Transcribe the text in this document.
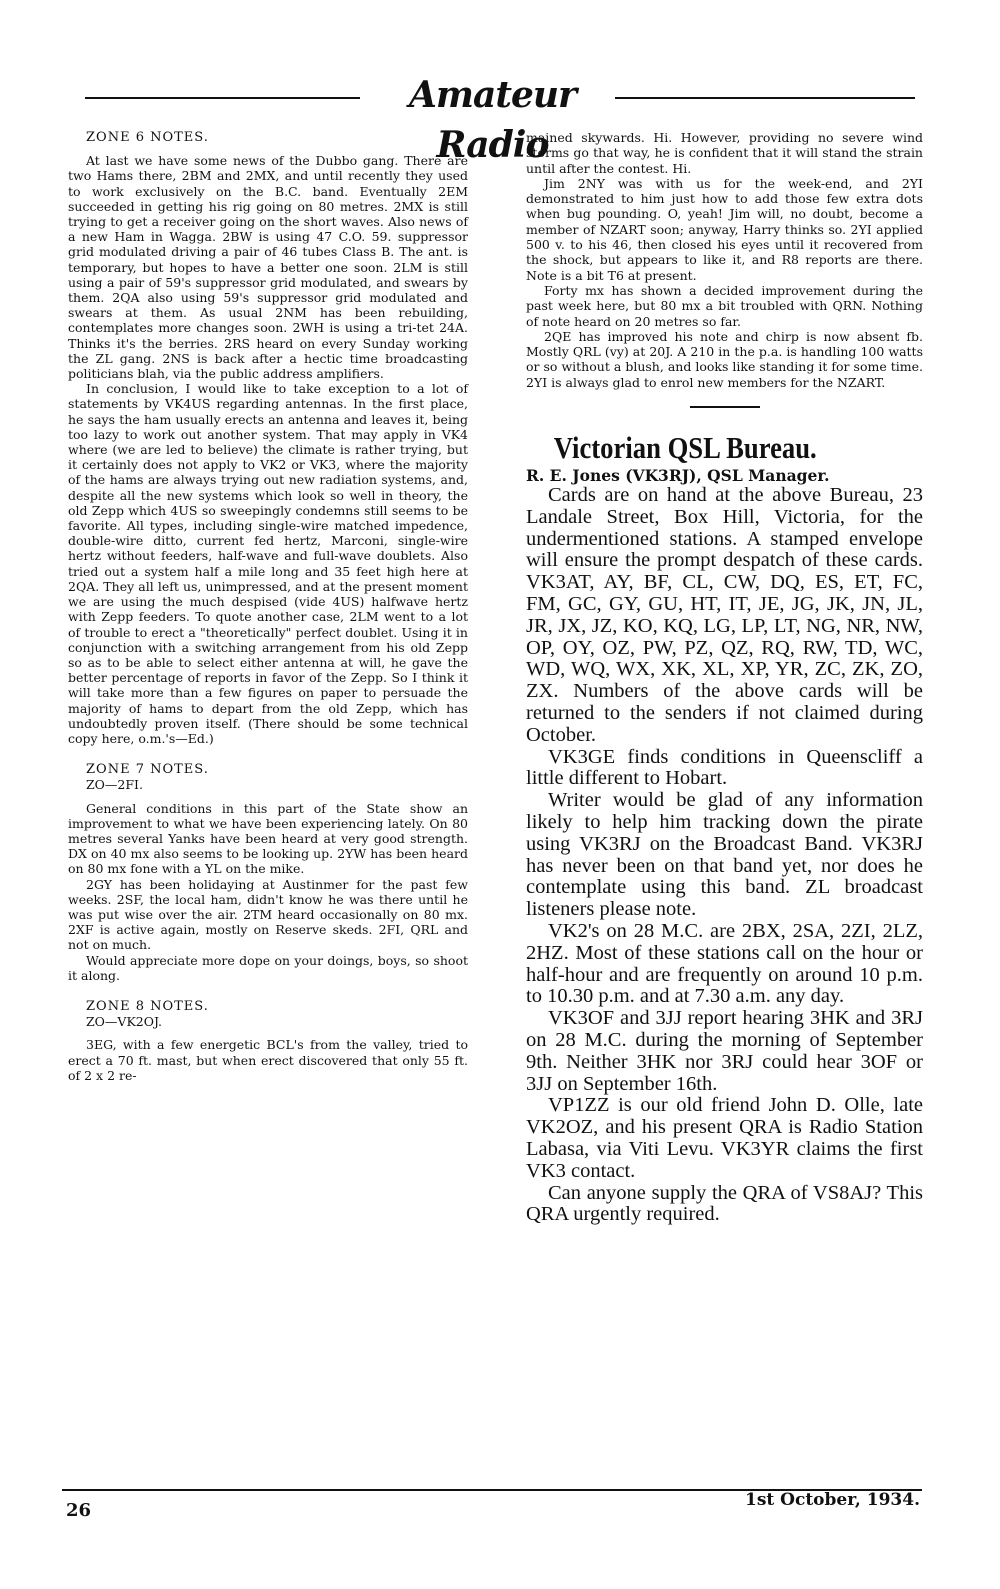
Amateur Radio

ZONE 6 NOTES.

At last we have some news of the Dubbo gang. There are two Hams there, 2BM and 2MX, and until recently they used to work exclusively on the B.C. band. Eventually 2EM succeeded in getting his rig going on 80 metres. 2MX is still trying to get a receiver going on the short waves. Also news of a new Ham in Wagga. 2BW is using 47 C.O. 59. suppressor grid modulated driving a pair of 46 tubes Class B. The ant. is temporary, but hopes to have a better one soon. 2LM is still using a pair of 59's suppressor grid modulated, and swears by them. 2QA also using 59's suppressor grid modulated and swears at them. As usual 2NM has been rebuilding, contemplates more changes soon. 2WH is using a tri-tet 24A. Thinks it's the berries. 2RS heard on every Sunday working the ZL gang. 2NS is back after a hectic time broadcasting politicians blah, via the public address amplifiers.

In conclusion, I would like to take exception to a lot of statements by VK4US regarding antennas. In the first place, he says the ham usually erects an antenna and leaves it, being too lazy to work out another system. That may apply in VK4 where (we are led to believe) the climate is rather trying, but it certainly does not apply to VK2 or VK3, where the majority of the hams are always trying out new radiation systems, and, despite all the new systems which look so well in theory, the old Zepp which 4US so sweepingly condemns still seems to be favorite. All types, including single-wire matched impedence, double-wire ditto, current fed hertz, Marconi, single-wire hertz without feeders, half-wave and full-wave doublets. Also tried out a system half a mile long and 35 feet high here at 2QA. They all left us, unimpressed, and at the present moment we are using the much despised (vide 4US) halfwave hertz with Zepp feeders. To quote another case, 2LM went to a lot of trouble to erect a "theoretically" perfect doublet. Using it in conjunction with a switching arrangement from his old Zepp so as to be able to select either antenna at will, he gave the better percentage of reports in favor of the Zepp. So I think it will take more than a few figures on paper to persuade the majority of hams to depart from the old Zepp, which has undoubtedly proven itself. (There should be some technical copy here, o.m.'s—Ed.)

ZONE 7 NOTES.

ZO—2FI.

General conditions in this part of the State show an improvement to what we have been experiencing lately. On 80 metres several Yanks have been heard at very good strength. DX on 40 mx also seems to be looking up. 2YW has been heard on 80 mx fone with a YL on the mike.

2GY has been holidaying at Austinmer for the past few weeks. 2SF, the local ham, didn't know he was there until he was put wise over the air. 2TM heard occasionally on 80 mx. 2XF is active again, mostly on Reserve skeds. 2FI, QRL and not on much.

Would appreciate more dope on your doings, boys, so shoot it along.

ZONE 8 NOTES.

ZO—VK2OJ.

3EG, with a few energetic BCL's from the valley, tried to erect a 70 ft. mast, but when erect discovered that only 55 ft. of 2 x 2 re-

mained skywards. Hi. However, providing no severe wind storms go that way, he is confident that it will stand the strain until after the contest. Hi.

Jim 2NY was with us for the week-end, and 2YI demonstrated to him just how to add those few extra dots when bug pounding. O, yeah! Jim will, no doubt, become a member of NZART soon; anyway, Harry thinks so. 2YI applied 500 v. to his 46, then closed his eyes until it recovered from the shock, but appears to like it, and R8 reports are there. Note is a bit T6 at present.

Forty mx has shown a decided improvement during the past week here, but 80 mx a bit troubled with QRN. Nothing of note heard on 20 metres so far.

2QE has improved his note and chirp is now absent fb. Mostly QRL (vy) at 20J. A 210 in the p.a. is handling 100 watts or so without a blush, and looks like standing it for some time. 2YI is always glad to enrol new members for the NZART.

Victorian QSL Bureau.

R. E. Jones (VK3RJ), QSL Manager.

Cards are on hand at the above Bureau, 23 Landale Street, Box Hill, Victoria, for the undermentioned stations. A stamped envelope will ensure the prompt despatch of these cards. VK3AT, AY, BF, CL, CW, DQ, ES, ET, FC, FM, GC, GY, GU, HT, IT, JE, JG, JK, JN, JL, JR, JX, JZ, KO, KQ, LG, LP, LT, NG, NR, NW, OP, OY, OZ, PW, PZ, QZ, RQ, RW, TD, WC, WD, WQ, WX, XK, XL, XP, YR, ZC, ZK, ZO, ZX. Numbers of the above cards will be returned to the senders if not claimed during October.

VK3GE finds conditions in Queenscliff a little different to Hobart.

Writer would be glad of any information likely to help him tracking down the pirate using VK3RJ on the Broadcast Band. VK3RJ has never been on that band yet, nor does he contemplate using this band. ZL broadcast listeners please note.

VK2's on 28 M.C. are 2BX, 2SA, 2ZI, 2LZ, 2HZ. Most of these stations call on the hour or half-hour and are frequently on around 10 p.m. to 10.30 p.m. and at 7.30 a.m. any day.

VK3OF and 3JJ report hearing 3HK and 3RJ on 28 M.C. during the morning of September 9th. Neither 3HK nor 3RJ could hear 3OF or 3JJ on September 16th.

VP1ZZ is our old friend John D. Olle, late VK2OZ, and his present QRA is Radio Station Labasa, via Viti Levu. VK3YR claims the first VK3 contact.

Can anyone supply the QRA of VS8AJ? This QRA urgently required.

26	1st October, 1934.
